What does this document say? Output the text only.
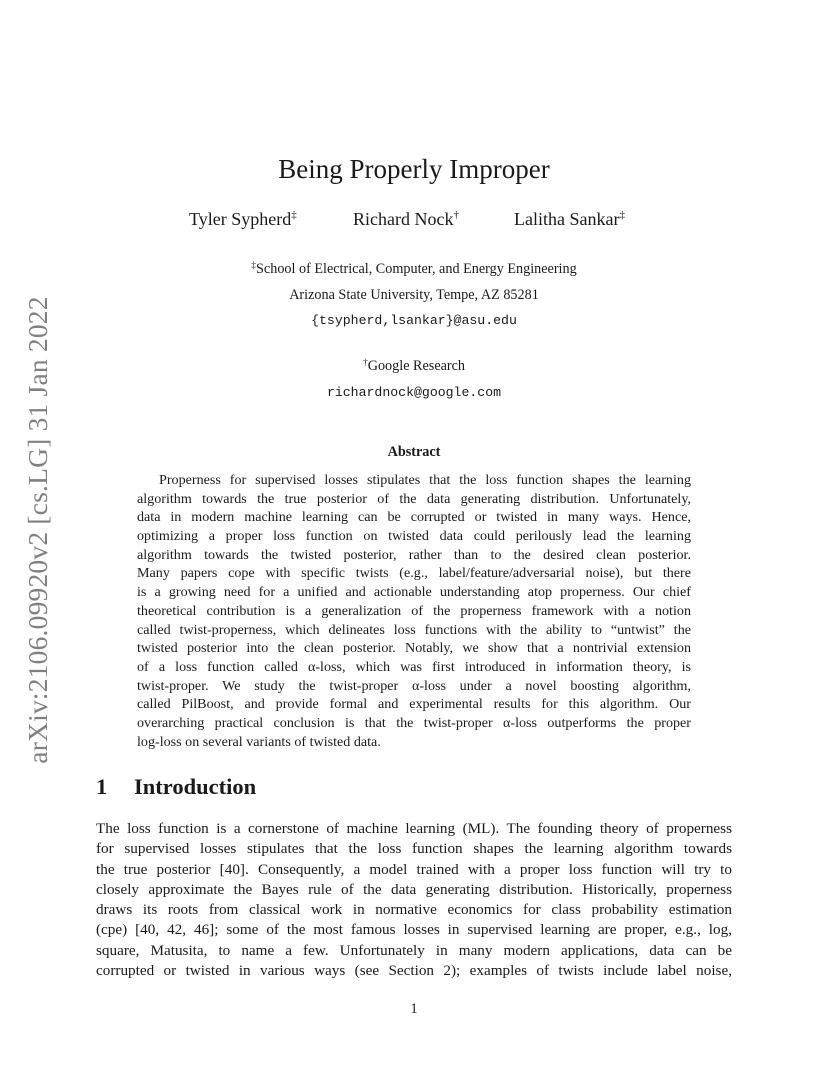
arXiv:2106.09920v2 [cs.LG] 31 Jan 2022
Being Properly Improper
Tyler Sypherd‡	Richard Nock†	Lalitha Sankar‡
‡School of Electrical, Computer, and Energy Engineering
Arizona State University, Tempe, AZ 85281
{tsypherd,lsankar}@asu.edu
†Google Research
richardnock@google.com
Abstract
Properness for supervised losses stipulates that the loss function shapes the learning
algorithm towards the true posterior of the data generating distribution. Unfortunately,
data in modern machine learning can be corrupted or twisted in many ways. Hence,
optimizing a proper loss function on twisted data could perilously lead the learning
algorithm towards the twisted posterior, rather than to the desired clean posterior.
Many papers cope with specific twists (e.g., label/feature/adversarial noise), but there
is a growing need for a unified and actionable understanding atop properness. Our chief
theoretical contribution is a generalization of the properness framework with a notion
called twist-properness, which delineates loss functions with the ability to “untwist” the
twisted posterior into the clean posterior. Notably, we show that a nontrivial extension
of a loss function called α-loss, which was first introduced in information theory, is
twist-proper. We study the twist-proper α-loss under a novel boosting algorithm,
called PilBoost, and provide formal and experimental results for this algorithm. Our
overarching practical conclusion is that the twist-proper α-loss outperforms the proper
log-loss on several variants of twisted data.
1 Introduction
The loss function is a cornerstone of machine learning (ML). The founding theory of properness
for supervised losses stipulates that the loss function shapes the learning algorithm towards
the true posterior [40]. Consequently, a model trained with a proper loss function will try to
closely approximate the Bayes rule of the data generating distribution. Historically, properness
draws its roots from classical work in normative economics for class probability estimation
(cpe) [40, 42, 46]; some of the most famous losses in supervised learning are proper, e.g., log,
square, Matusita, to name a few. Unfortunately in many modern applications, data can be
corrupted or twisted in various ways (see Section 2); examples of twists include label noise,
1
